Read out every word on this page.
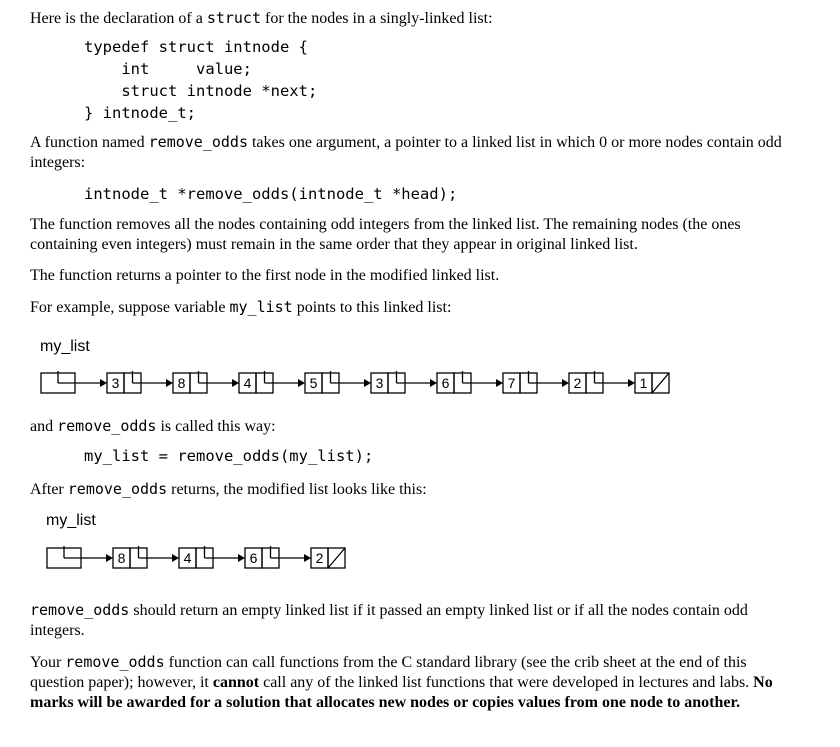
Here is the declaration of a struct for the nodes in a singly-linked list:
typedef struct intnode {
int     value;
struct intnode *next;
} intnode_t;
A function named remove_odds takes one argument, a pointer to a linked list in which 0 or more nodes contain odd integers:
intnode_t *remove_odds(intnode_t *head);
The function removes all the nodes containing odd integers from the linked list. The remaining nodes (the ones containing even integers) must remain in the same order that they appear in original linked list.
The function returns a pointer to the first node in the modified linked list.
For example, suppose variable my_list points to this linked list:
my_list
3	8	4	5	3	6	7	2	1
and remove_odds is called this way:
my_list = remove_odds(my_list);
After remove_odds returns, the modified list looks like this:
my_list
8	4	6	2
remove_odds should return an empty linked list if it passed an empty linked list or if all the nodes contain odd integers.
Your remove_odds function can call functions from the C standard library (see the crib sheet at the end of this question paper); however, it cannot call any of the linked list functions that were developed in lectures and labs. No marks will be awarded for a solution that allocates new nodes or copies values from one node to another.
